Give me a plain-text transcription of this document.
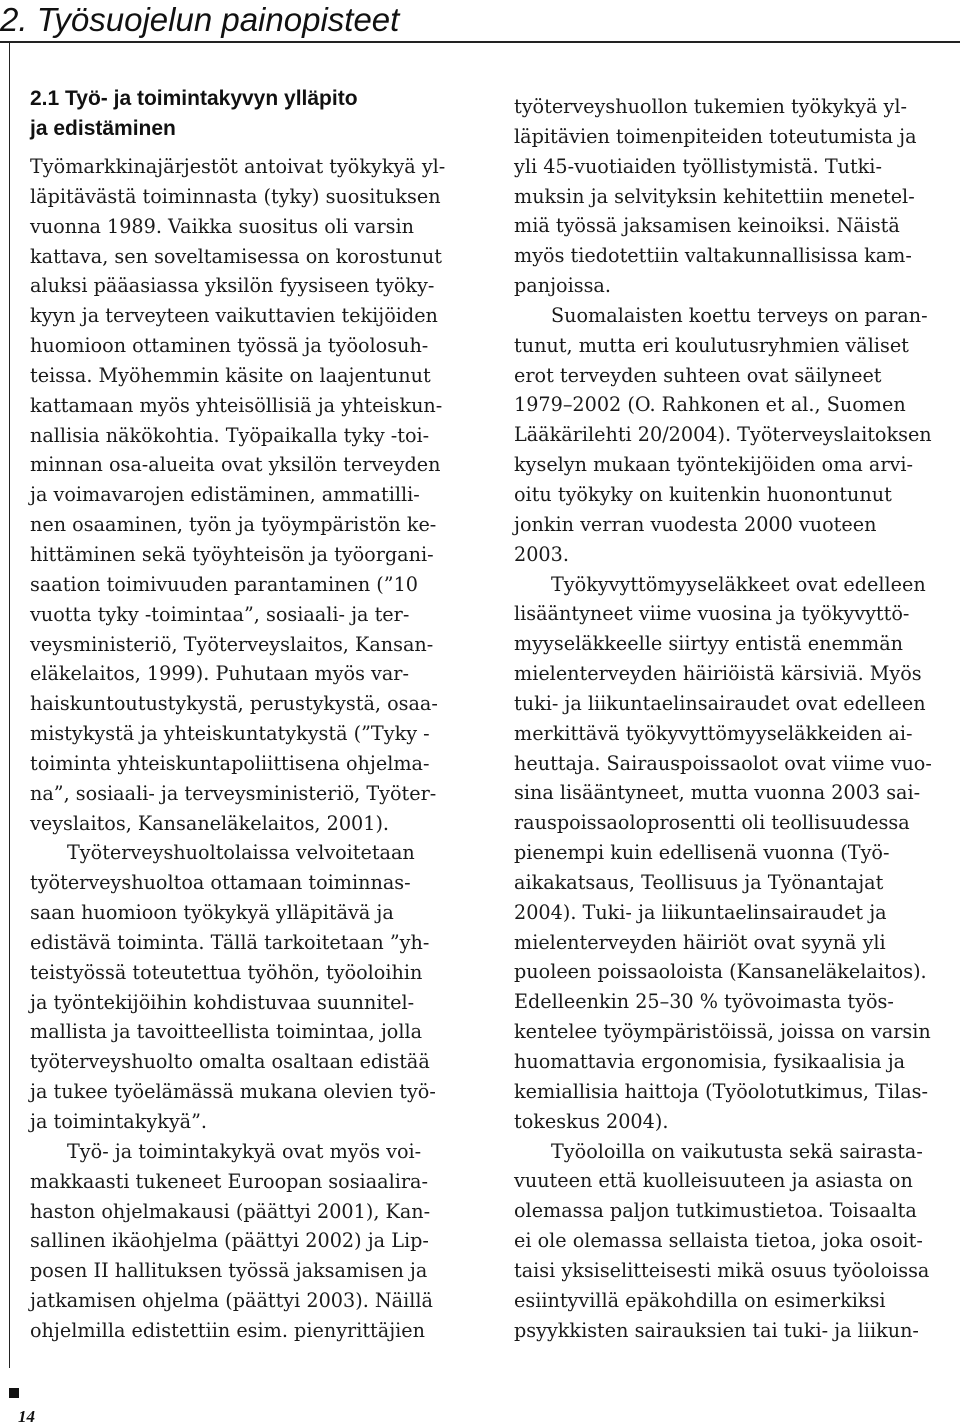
2. Työsuojelun painopisteet
2.1 Työ- ja toimintakyvyn ylläpito
ja edistäminen

Työmarkkinajärjestöt antoivat työkykyä yl-
läpitävästä toiminnasta (tyky) suosituksen
vuonna 1989. Vaikka suositus oli varsin
kattava, sen soveltamisessa on korostunut
aluksi pääasiassa yksilön fyysiseen työky-
kyyn ja terveyteen vaikuttavien tekijöiden
huomioon ottaminen työssä ja työolosuh-
teissa. Myöhemmin käsite on laajentunut
kattamaan myös yhteisöllisiä ja yhteiskun-
nallisia näkökohtia. Työpaikalla tyky -toi-
minnan osa-alueita ovat yksilön terveyden
ja voimavarojen edistäminen, ammatilli-
nen osaaminen, työn ja työympäristön ke-
hittäminen sekä työyhteisön ja työorgani-
saation toimivuuden parantaminen (”10
vuotta tyky -toimintaa”, sosiaali- ja ter-
veysministeriö, Työterveyslaitos, Kansan-
eläkelaitos, 1999). Puhutaan myös var-
haiskuntoutustykystä, perustykystä, osaa-
mistykystä ja yhteiskuntatykystä (”Tyky -
toiminta yhteiskuntapoliittisena ohjelma-
na”, sosiaali- ja terveysministeriö, Työter-
veyslaitos, Kansaneläkelaitos, 2001).

Työterveyshuoltolaissa velvoitetaan
työterveyshuoltoa ottamaan toiminnas-
saan huomioon työkykyä ylläpitävä ja
edistävä toiminta. Tällä tarkoitetaan ”yh-
teistyössä toteutettua työhön, työoloihin
ja työntekijöihin kohdistuvaa suunnitel-
mallista ja tavoitteellista toimintaa, jolla
työterveyshuolto omalta osaltaan edistää
ja tukee työelämässä mukana olevien työ-
ja toimintakykyä”.

Työ- ja toimintakykyä ovat myös voi-
makkaasti tukeneet Euroopan sosiaalira-
haston ohjelmakausi (päättyi 2001), Kan-
sallinen ikäohjelma (päättyi 2002) ja Lip-
posen II hallituksen työssä jaksamisen ja
jatkamisen ohjelma (päättyi 2003). Näillä
ohjelmilla edistettiin esim. pienyrittäjien

työterveyshuollon tukemien työkykyä yl-
läpitävien toimenpiteiden toteutumista ja
yli 45-vuotiaiden työllistymistä. Tutki-
muksin ja selvityksin kehitettiin menetel-
miä työssä jaksamisen keinoiksi. Näistä
myös tiedotettiin valtakunnallisissa kam-
panjoissa.

Suomalaisten koettu terveys on paran-
tunut, mutta eri koulutusryhmien väliset
erot terveyden suhteen ovat säilyneet
1979–2002 (O. Rahkonen et al., Suomen
Lääkärilehti 20/2004). Työterveyslaitoksen
kyselyn mukaan työntekijöiden oma arvi-
oitu työkyky on kuitenkin huonontunut
jonkin verran vuodesta 2000 vuoteen
2003.

Työkyvyttömyyseläkkeet ovat edelleen
lisääntyneet viime vuosina ja työkyvyttö-
myyseläkkeelle siirtyy entistä enemmän
mielenterveyden häiriöistä kärsiviä. Myös
tuki- ja liikuntaelinsairaudet ovat edelleen
merkittävä työkyvyttömyyseläkkeiden ai-
heuttaja. Sairauspoissaolot ovat viime vuo-
sina lisääntyneet, mutta vuonna 2003 sai-
rauspoissaoloprosentti oli teollisuudessa
pienempi kuin edellisenä vuonna (Työ-
aikakatsaus, Teollisuus ja Työnantajat
2004). Tuki- ja liikuntaelinsairaudet ja
mielenterveyden häiriöt ovat syynä yli
puoleen poissaoloista (Kansaneläkelaitos).
Edelleenkin 25–30 % työvoimasta työs-
kentelee työympäristöissä, joissa on varsin
huomattavia ergonomisia, fysikaalisia ja
kemiallisia haittoja (Työolotutkimus, Tilas-
tokeskus 2004).

Työoloilla on vaikutusta sekä sairasta-
vuuteen että kuolleisuuteen ja asiasta on
olemassa paljon tutkimustietoa. Toisaalta
ei ole olemassa sellaista tietoa, joka osoit-
taisi yksiselitteisesti mikä osuus työoloissa
esiintyvillä epäkohdilla on esimerkiksi
psyykkisten sairauksien tai tuki- ja liikun-

14
